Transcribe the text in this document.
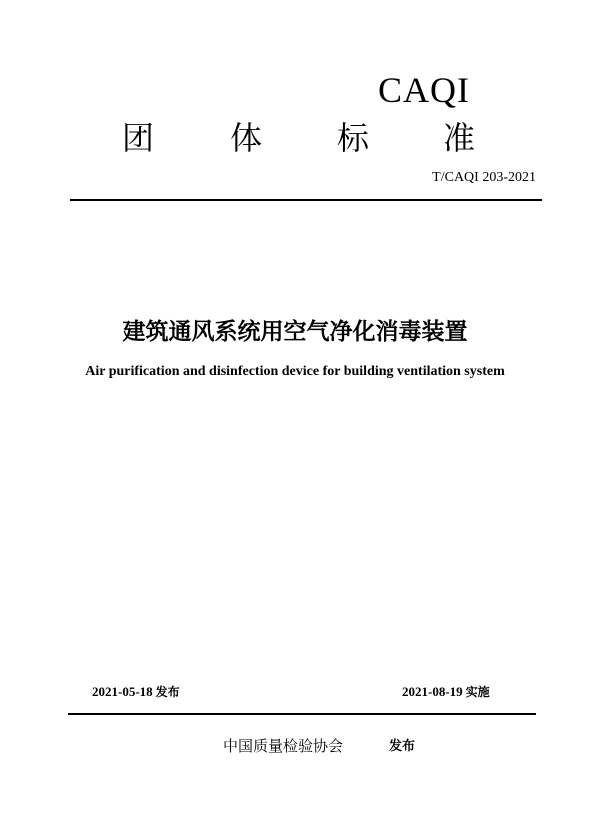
CAQI
团 体 标 准
T/CAQI 203-2021
建筑通风系统用空气净化消毒装置
Air purification and disinfection device for building ventilation system
2021-05-18 发布	2021-08-19 实施
中国质量检验协会	发布
